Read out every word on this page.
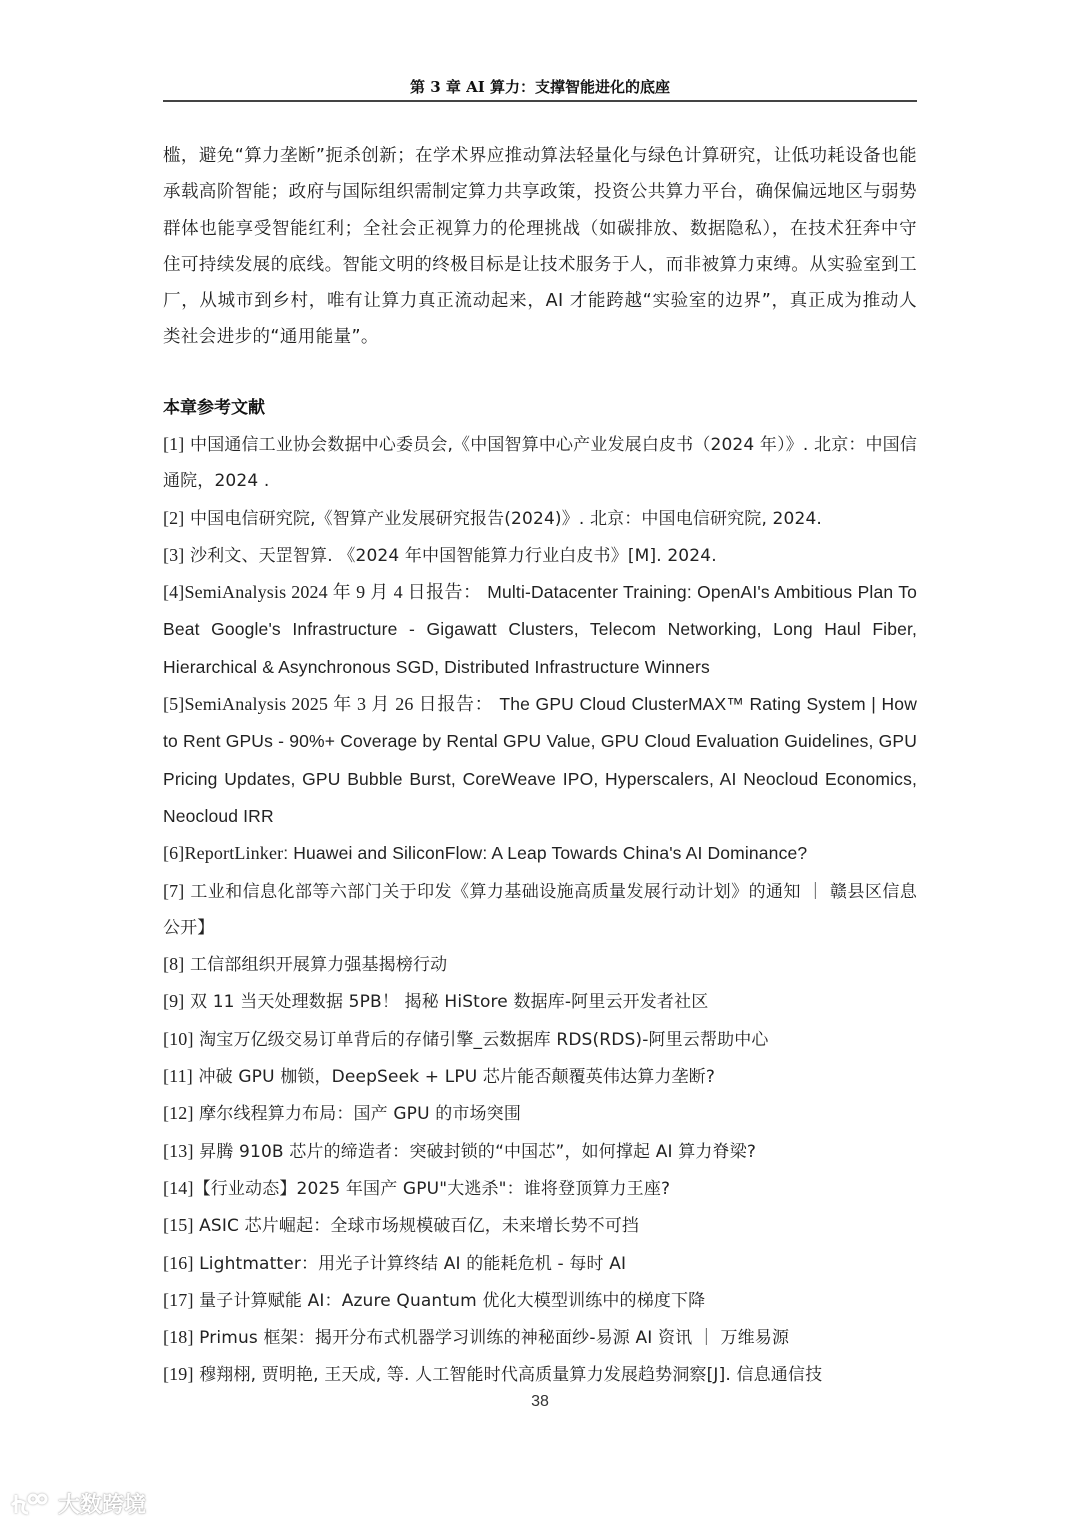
第 3 章 AI 算力：支撑智能进化的底座
槛，避免“算力垄断”扼杀创新；在学术界应推动算法轻量化与绿色计算研究，让低功耗设备也能承载高阶智能；政府与国际组织需制定算力共享政策，投资公共算力平台，确保偏远地区与弱势群体也能享受智能红利；全社会正视算力的伦理挑战（如碳排放、数据隐私），在技术狂奔中守住可持续发展的底线。智能文明的终极目标是让技术服务于人，而非被算力束缚。从实验室到工厂，从城市到乡村，唯有让算力真正流动起来，AI 才能跨越“实验室的边界”，真正成为推动人类社会进步的“通用能量”。
本章参考文献
[1] 中国通信工业协会数据中心委员会,《中国智算中心产业发展白皮书（2024 年）》. 北京：中国信通院，2024 .
[2] 中国电信研究院,《智算产业发展研究报告(2024)》. 北京：中国电信研究院, 2024.
[3] 沙利文、天罡智算. 《2024 年中国智能算力行业白皮书》[M]. 2024.
[4]SemiAnalysis 2024 年 9 月 4 日报告： Multi-Datacenter Training: OpenAI's Ambitious Plan To Beat Google's Infrastructure - Gigawatt Clusters, Telecom Networking, Long Haul Fiber, Hierarchical & Asynchronous SGD, Distributed Infrastructure Winners
[5]SemiAnalysis 2025 年 3 月 26 日报告： The GPU Cloud ClusterMAX™ Rating System | How to Rent GPUs - 90%+ Coverage by Rental GPU Value, GPU Cloud Evaluation Guidelines, GPU Pricing Updates, GPU Bubble Burst, CoreWeave IPO, Hyperscalers, AI Neocloud Economics, Neocloud IRR
[6]ReportLinker: Huawei and SiliconFlow: A Leap Towards China's AI Dominance?
[7] 工业和信息化部等六部门关于印发《算力基础设施高质量发展行动计划》的通知 ｜ 赣县区信息公开】
[8] 工信部组织开展算力强基揭榜行动
[9] 双 11 当天处理数据 5PB！ 揭秘 HiStore 数据库-阿里云开发者社区
[10] 淘宝万亿级交易订单背后的存储引擎_云数据库 RDS(RDS)-阿里云帮助中心
[11] 冲破 GPU 枷锁，DeepSeek + LPU 芯片能否颠覆英伟达算力垄断?
[12] 摩尔线程算力布局：国产 GPU 的市场突围
[13] 昇腾 910B 芯片的缔造者：突破封锁的“中国芯”，如何撑起 AI 算力脊梁?
[14]【行业动态】2025 年国产 GPU"大逃杀"：谁将登顶算力王座?
[15] ASIC 芯片崛起：全球市场规模破百亿，未来增长势不可挡
[16] Lightmatter：用光子计算终结 AI 的能耗危机 - 每时 AI
[17] 量子计算赋能 AI：Azure Quantum 优化大模型训练中的梯度下降
[18] Primus 框架：揭开分布式机器学习训练的神秘面纱-易源 AI 资讯 ｜ 万维易源
[19] 穆翔栩, 贾明艳, 王天成, 等. 人工智能时代高质量算力发展趋势洞察[J]. 信息通信技
38
大数跨境
